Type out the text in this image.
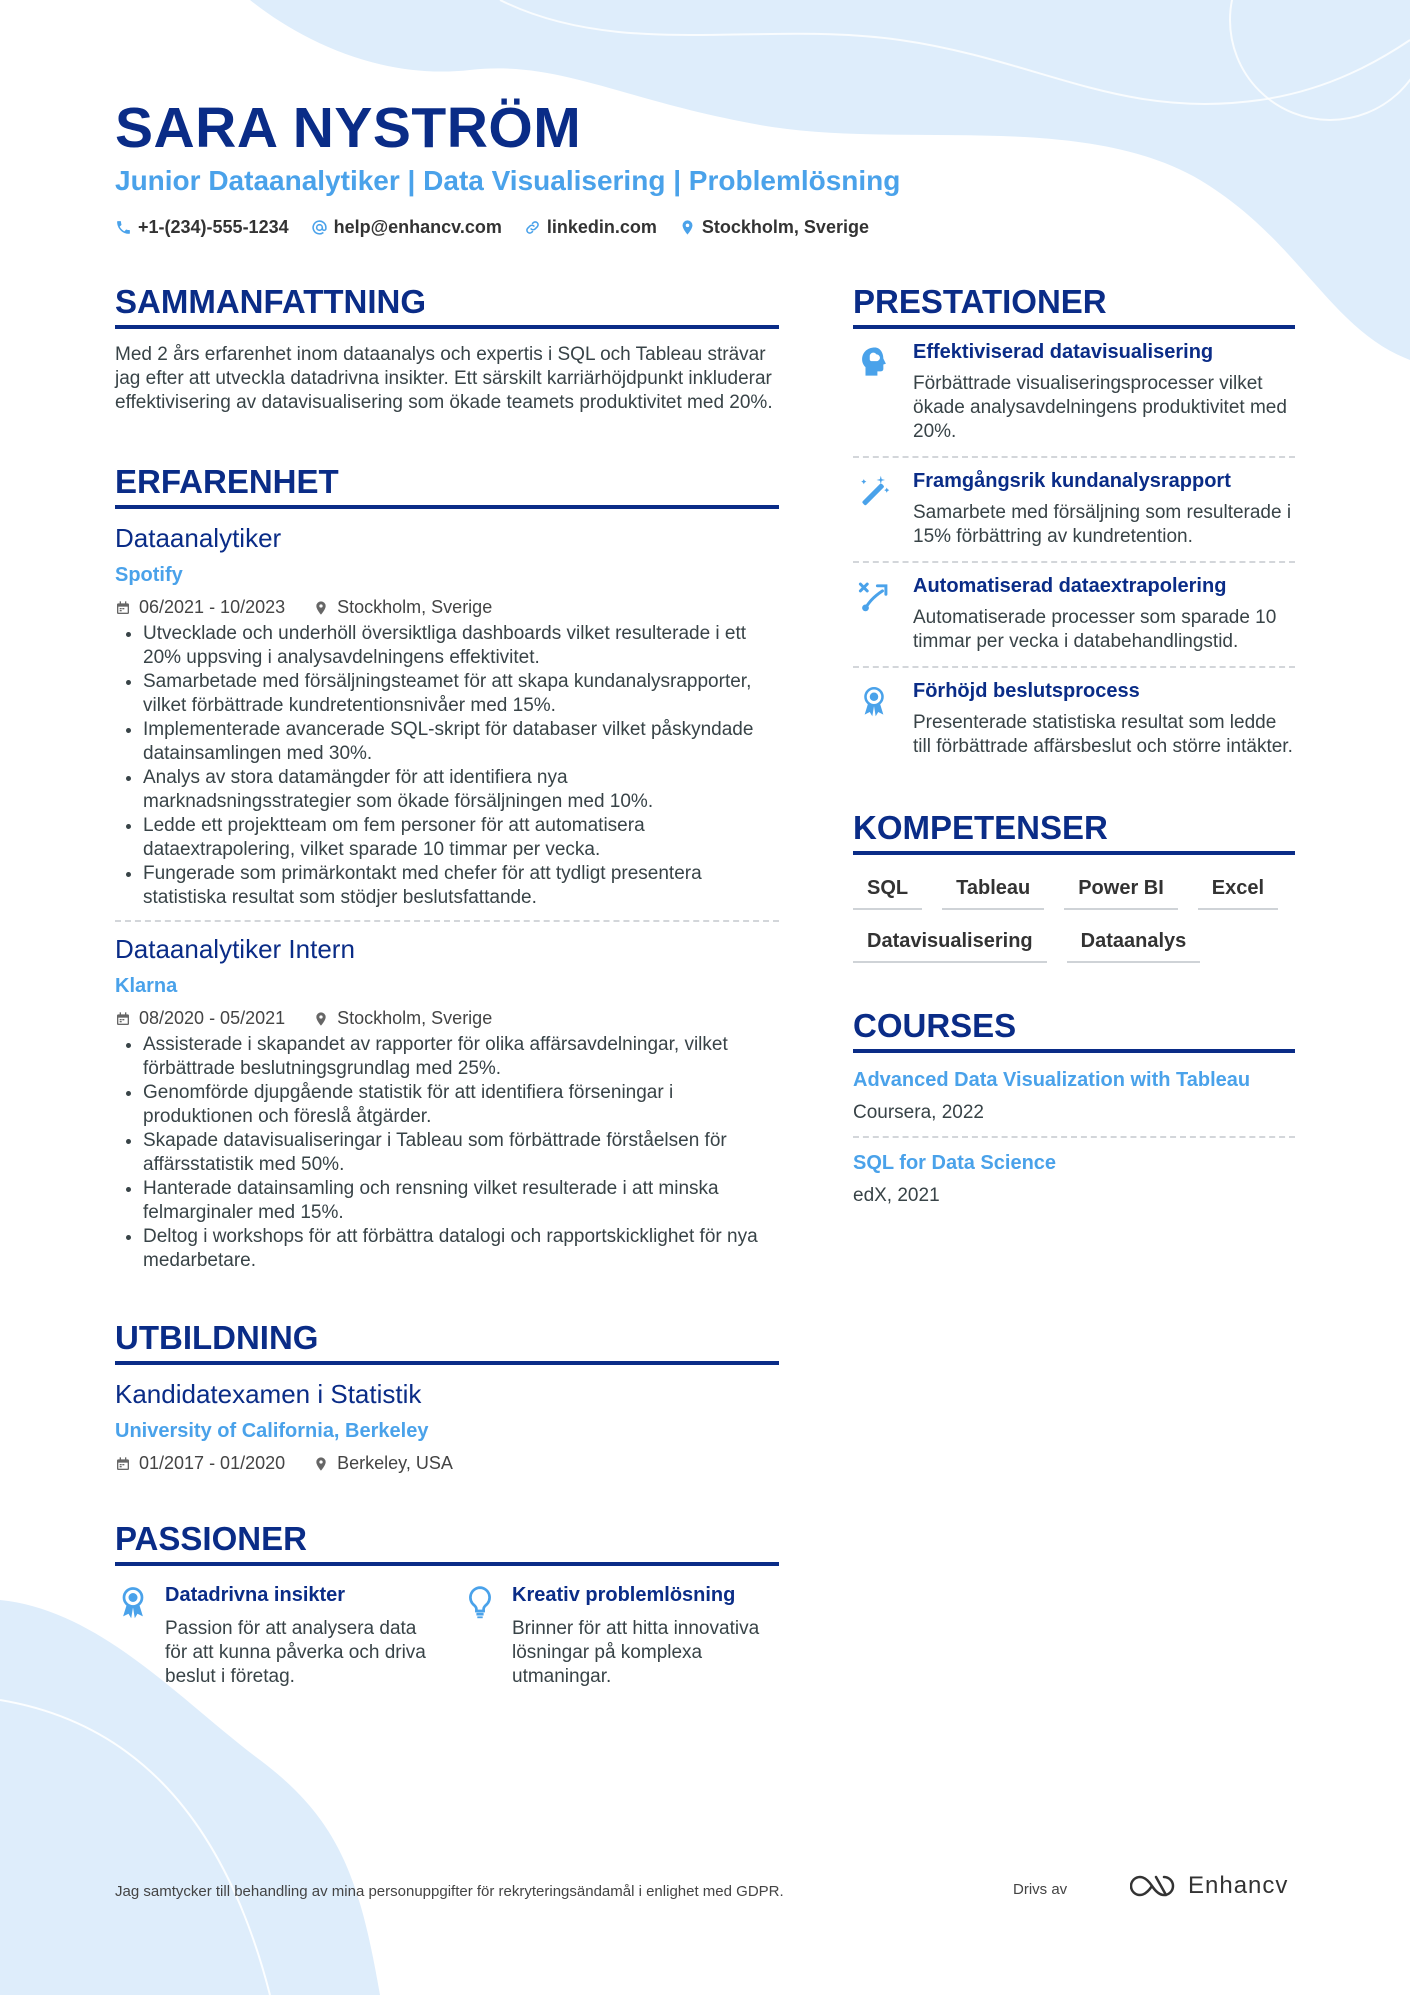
SARA NYSTRÖM
Junior Dataanalytiker | Data Visualisering | Problemlösning
+1-(234)-555-1234	help@enhancv.com	linkedin.com	Stockholm, Sverige
SAMMANFATTNING
Med 2 års erfarenhet inom dataanalys och expertis i SQL och Tableau strävar jag efter att utveckla datadrivna insikter. Ett särskilt karriärhöjdpunkt inkluderar effektivisering av datavisualisering som ökade teamets produktivitet med 20%.
ERFARENHET
Dataanalytiker
Spotify
06/2021 - 10/2023	Stockholm, Sverige
• Utvecklade och underhöll översiktliga dashboards vilket resulterade i ett 20% uppsving i analysavdelningens effektivitet.
• Samarbetade med försäljningsteamet för att skapa kundanalysrapporter, vilket förbättrade kundretentionsnivåer med 15%.
• Implementerade avancerade SQL-skript för databaser vilket påskyndade datainsamlingen med 30%.
• Analys av stora datamängder för att identifiera nya marknadsningsstrategier som ökade försäljningen med 10%.
• Ledde ett projektteam om fem personer för att automatisera dataextrapolering, vilket sparade 10 timmar per vecka.
• Fungerade som primärkontakt med chefer för att tydligt presentera statistiska resultat som stödjer beslutsfattande.
Dataanalytiker Intern
Klarna
08/2020 - 05/2021	Stockholm, Sverige
• Assisterade i skapandet av rapporter för olika affärsavdelningar, vilket förbättrade beslutningsgrundlag med 25%.
• Genomförde djupgående statistik för att identifiera förseningar i produktionen och föreslå åtgärder.
• Skapade datavisualiseringar i Tableau som förbättrade förståelsen för affärsstatistik med 50%.
• Hanterade datainsamling och rensning vilket resulterade i att minska felmarginaler med 15%.
• Deltog i workshops för att förbättra datalogi och rapportskicklighet för nya medarbetare.
UTBILDNING
Kandidatexamen i Statistik
University of California, Berkeley
01/2017 - 01/2020	Berkeley, USA
PASSIONER
Datadrivna insikter
Passion för att analysera data för att kunna påverka och driva beslut i företag.
Kreativ problemlösning
Brinner för att hitta innovativa lösningar på komplexa utmaningar.
PRESTATIONER
Effektiviserad datavisualisering
Förbättrade visualiseringsprocesser vilket ökade analysavdelningens produktivitet med 20%.
Framgångsrik kundanalysrapport
Samarbete med försäljning som resulterade i 15% förbättring av kundretention.
Automatiserad dataextrapolering
Automatiserade processer som sparade 10 timmar per vecka i databehandlingstid.
Förhöjd beslutsprocess
Presenterade statistiska resultat som ledde till förbättrade affärsbeslut och större intäkter.
KOMPETENSER
SQL	Tableau	Power BI	Excel
Datavisualisering	Dataanalys
COURSES
Advanced Data Visualization with Tableau
Coursera, 2022
SQL for Data Science
edX, 2021
Jag samtycker till behandling av mina personuppgifter för rekryteringsändamål i enlighet med GDPR.	Drivs av	Enhancv
